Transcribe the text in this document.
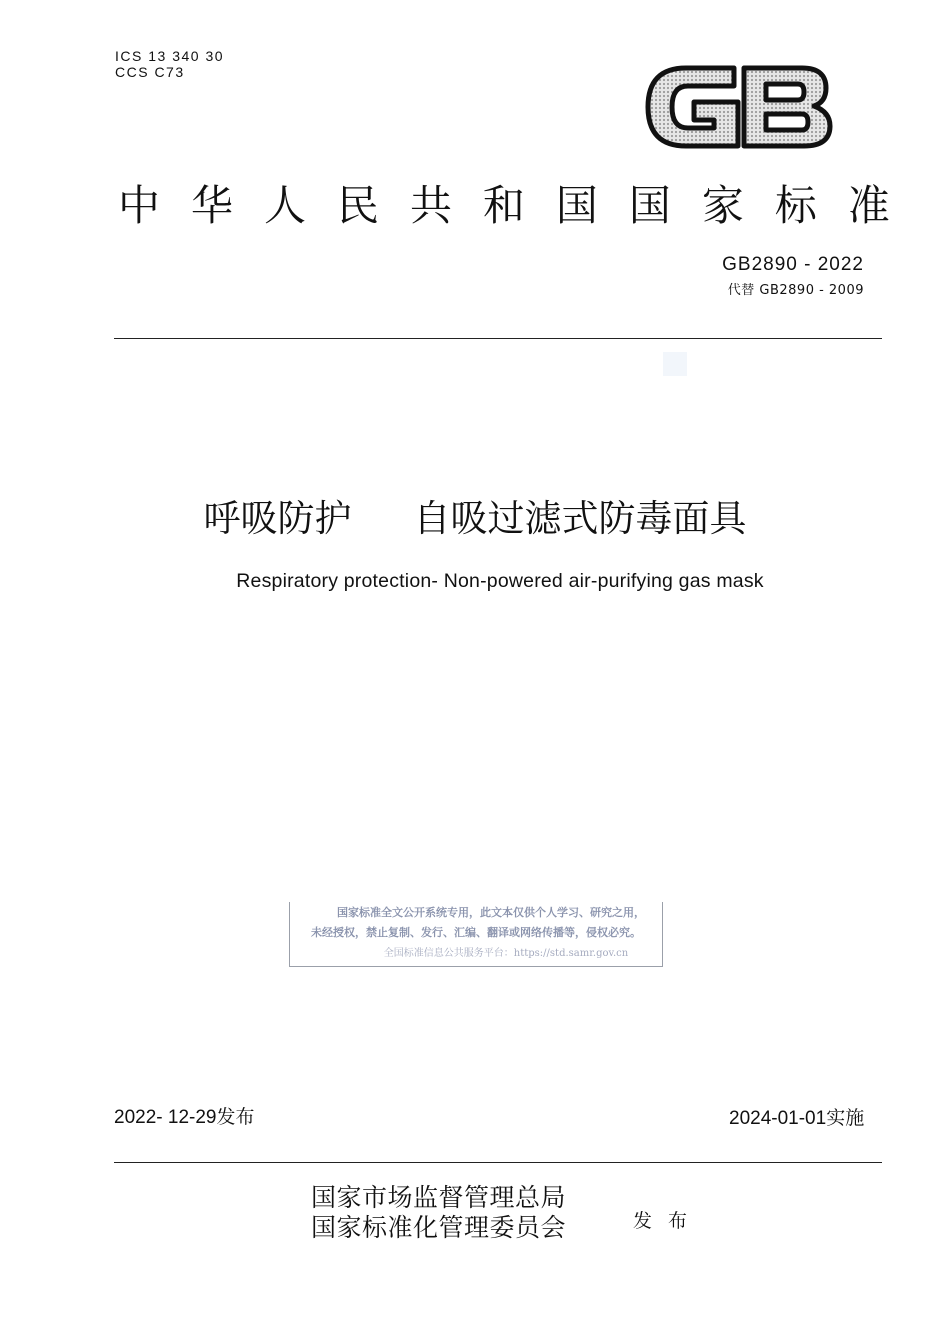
ICS 13 340 30
CCS C73
GB
中 华 人 民 共 和 国 国 家 标 准
GB2890 ‐ 2022
代替 GB2890 ‐ 2009
呼吸防护 自吸过滤式防毒面具
Respiratory protection‐ Non-powered air-purifying gas mask
国家标准全文公开系统专用，此文本仅供个人学习、研究之用，
未经授权，禁止复制、发行、汇编、翻译或网络传播等，侵权必究。
全国标准信息公共服务平台：https://std.samr.gov.cn
2022- 12-29发布	2024-01-01实施
国家市场监督管理总局
国家标准化管理委员会	发布
